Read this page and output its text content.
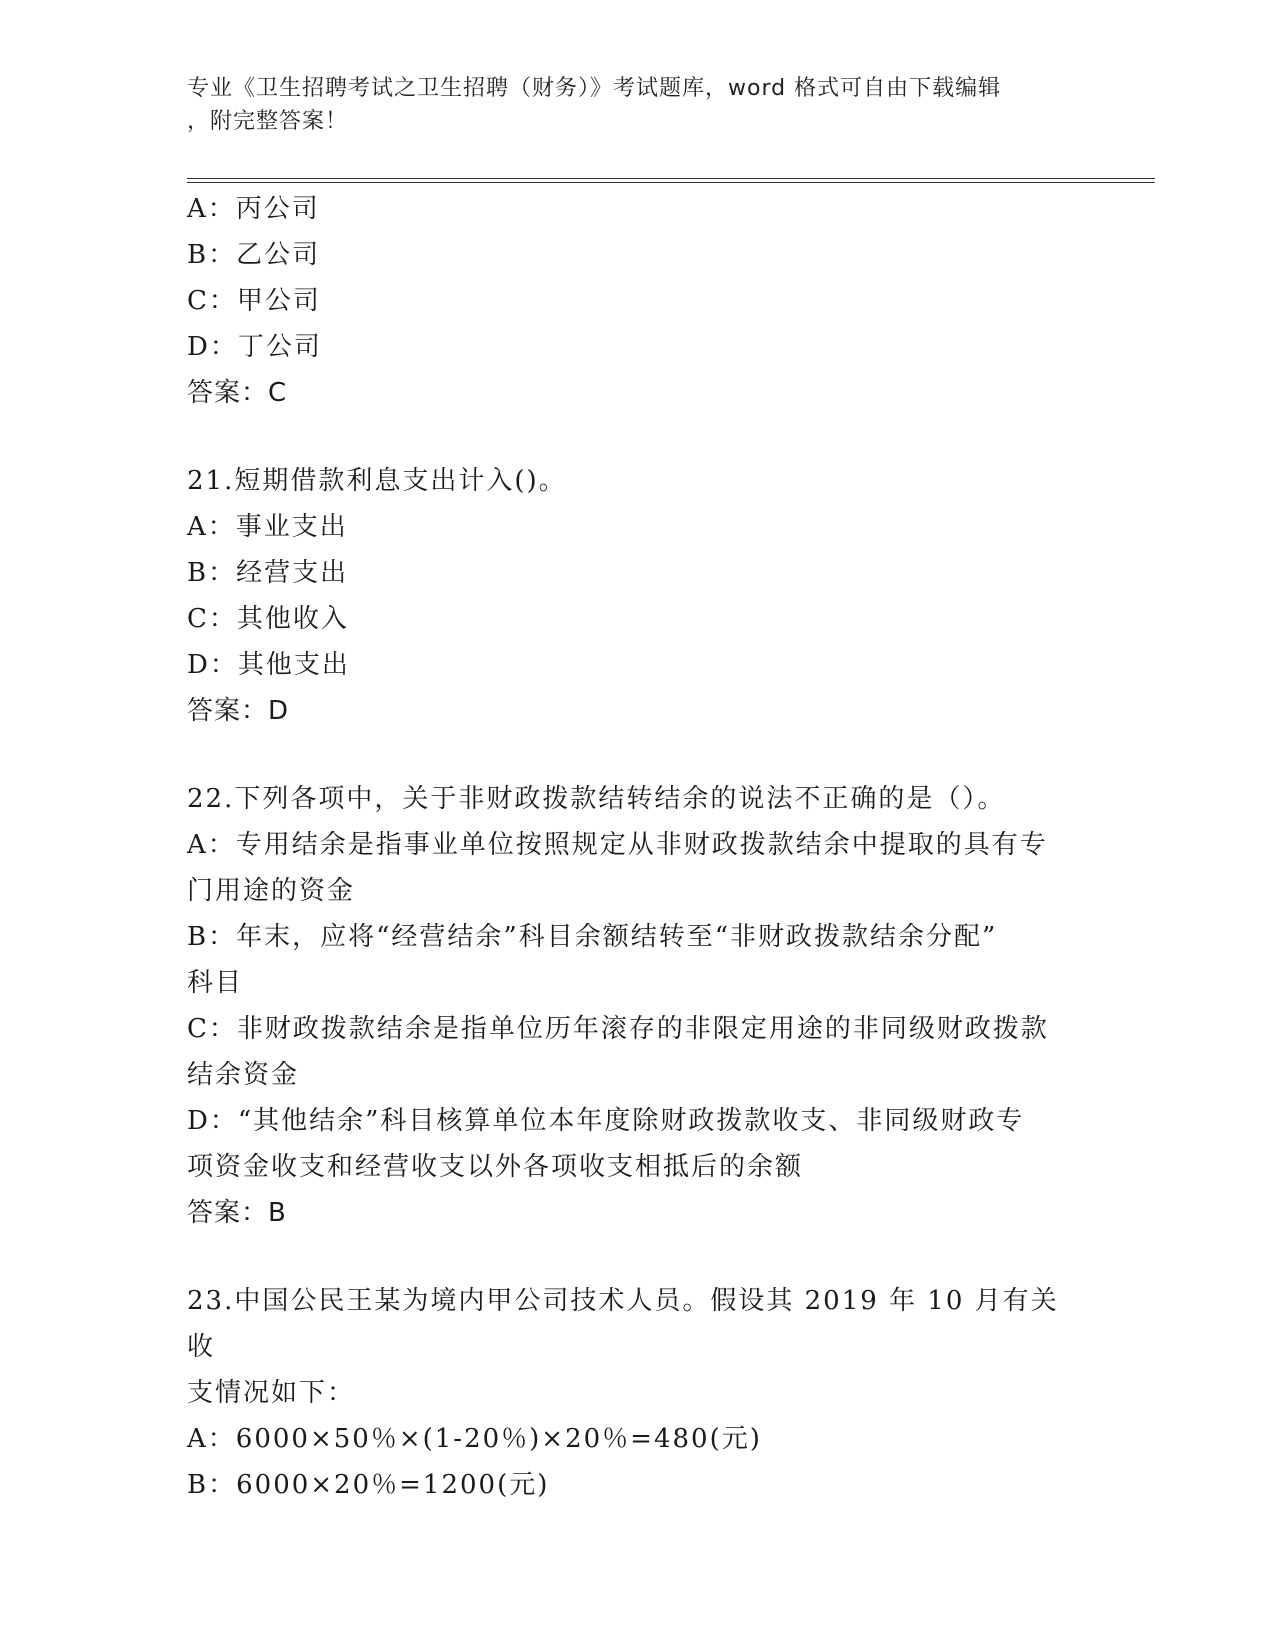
专业《卫生招聘考试之卫生招聘（财务）》考试题库，word 格式可自由下载编辑
，附完整答案！
A：丙公司
B：乙公司
C：甲公司
D：丁公司
答案：C
21.短期借款利息支出计入()。
A：事业支出
B：经营支出
C：其他收入
D：其他支出
答案：D
22.下列各项中，关于非财政拨款结转结余的说法不正确的是（）。
A：专用结余是指事业单位按照规定从非财政拨款结余中提取的具有专
门用途的资金
B：年末，应将“经营结余”科目余额结转至“非财政拨款结余分配”
科目
C：非财政拨款结余是指单位历年滚存的非限定用途的非同级财政拨款
结余资金
D：“其他结余”科目核算单位本年度除财政拨款收支、非同级财政专
项资金收支和经营收支以外各项收支相抵后的余额
答案：B
23.中国公民王某为境内甲公司技术人员。假设其 2019 年 10 月有关收
支情况如下：
A：6000×50％×(1-20％)×20％=480(元)
B：6000×20％=1200(元)
